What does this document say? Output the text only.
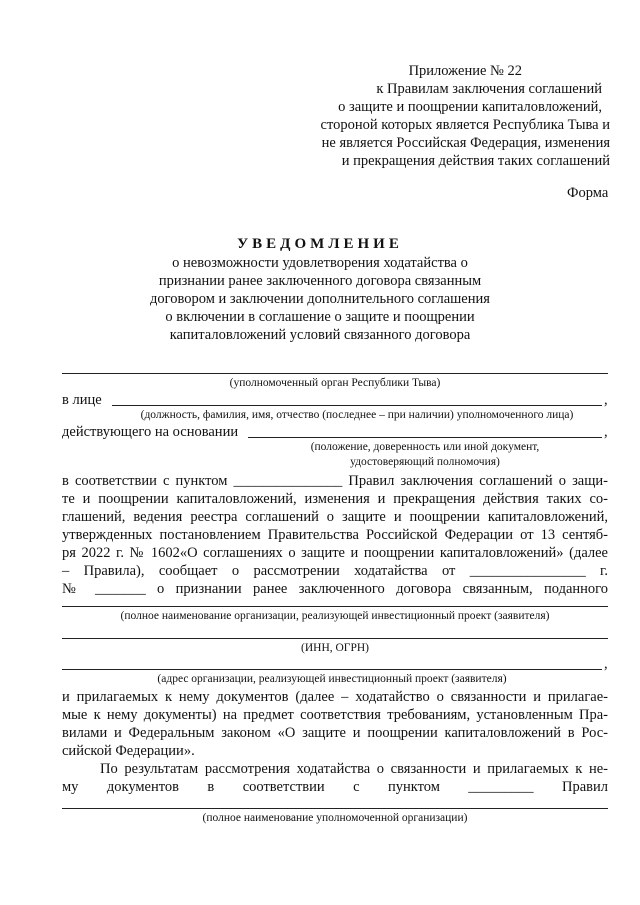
Приложение № 22
к Правилам заключения соглашений
о защите и поощрении капиталовложений,
стороной которых является Республика Тыва и
не является Российская Федерация, изменения
и прекращения действия таких соглашений
Форма
УВЕДОМЛЕНИЕ
о невозможности удовлетворения ходатайства о
признании ранее заключенного договора связанным
договором и заключении дополнительного соглашения
о включении в соглашение о защите и поощрении
капиталовложений условий связанного договора
(уполномоченный орган Республики Тыва)
в лице	,
(должность, фамилия, имя, отчество (последнее – при наличии) уполномоченного лица)
действующего на основании	,
(положение, доверенность или иной документ,
удостоверяющий полномочия)
в соответствии с пунктом _______________ Правил заключения соглашений о защи-
те и поощрении капиталовложений, изменения и прекращения действия таких со-
глашений, ведения реестра соглашений о защите и поощрении капиталовложений,
утвержденных постановлением Правительства Российской Федерации от 13 сентяб-
ря 2022 г. № 1602«О соглашениях о защите и поощрении капиталовложений» (далее
– Правила), сообщает о рассмотрении ходатайства от ________________ г.
№ _______ о признании ранее заключенного договора связанным, поданного
(полное наименование организации, реализующей инвестиционный проект (заявителя)
(ИНН, ОГРН)
,
(адрес организации, реализующей инвестиционный проект (заявителя)
и прилагаемых к нему документов (далее – ходатайство о связанности и прилагае-
мые к нему документы) на предмет соответствия требованиям, установленным Пра-
вилами и Федеральным законом «О защите и поощрении капиталовложений в Рос-
сийской Федерации».
По результатам рассмотрения ходатайства о связанности и прилагаемых к не-
му документов в соответствии с пунктом _________ Правил
(полное наименование уполномоченной организации)
